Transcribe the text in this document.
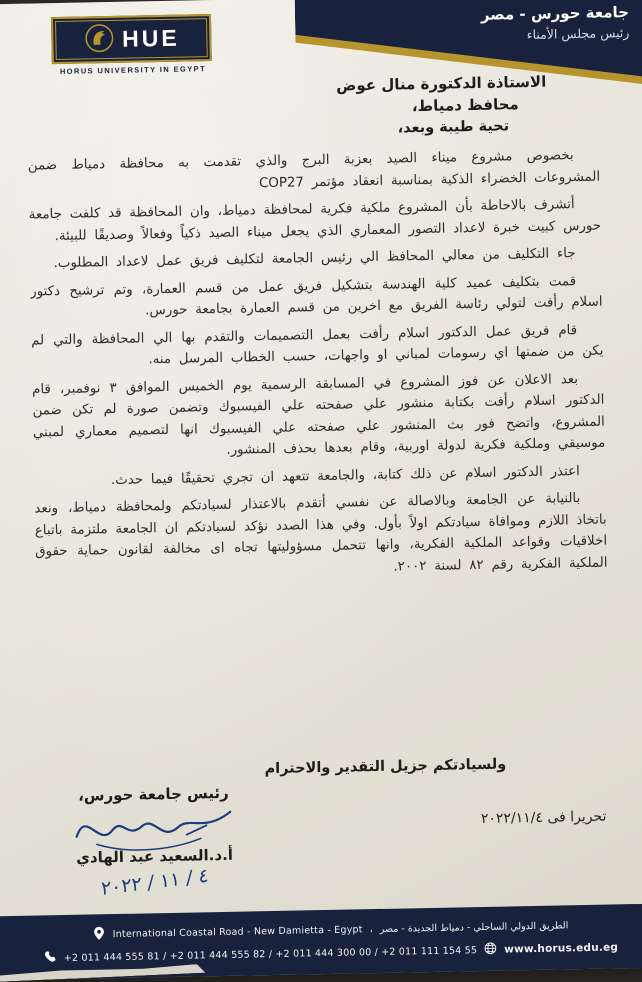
جامعة حورس - مصر
رئيس مجلس الأمناء
HUE
HORUS UNIVERSITY IN EGYPT
الاستاذة الدكتورة منال عوض
محافظ دمياط،
تحية طيبة وبعد،

بخصوص مشروع ميناء الصيد بعزبة البرج والذي تقدمت به محافظة دمياط ضمن المشروعات الخضراء الذكية بمناسبة انعقاد مؤتمر COP27

أتشرف بالاحاطة بأن المشروع ملكية فكرية لمحافظة دمياط، وان المحافظة قد كلفت جامعة حورس كبيت خبرة لاعداد التصور المعماري الذي يجعل ميناء الصيد ذكياً وفعالاً وصديقًا للبيئة.

جاء التكليف من معالي المحافظ الي رئيس الجامعة لتكليف فريق عمل لاعداد المطلوب.

قمت بتكليف عميد كلية الهندسة بتشكيل فريق عمل من قسم العمارة، وتم ترشيح دكتور اسلام رأفت لتولي رئاسة الفريق مع اخرين من قسم العمارة بجامعة حورس.

قام فريق عمل الدكتور اسلام رأفت بعمل التصميمات والتقدم بها الي المحافظة والتي لم يكن من ضمنها اي رسومات لمباني او واجهات، حسب الخطاب المرسل منه.

بعد الاعلان عن فوز المشروع في المسابقة الرسمية يوم الخميس الموافق ٣ نوفمبر، قام الدكتور اسلام رأفت بكتابة منشور علي صفحته علي الفيسبوك وتضمن صورة لم تكن ضمن المشروع، واتضح فور بث المنشور علي صفحته علي الفيسبوك انها لتصميم معماري لمبني موسيقي وملكية فكرية لدولة اوربية، وقام بعدها بحذف المنشور.

اعتذر الدكتور اسلام عن ذلك كتابة، والجامعة تتعهد ان تجري تحقيقًا فيما حدث.

بالنيابة عن الجامعة وبالاصالة عن نفسي أتقدم بالاعتذار لسيادتكم ولمحافظة دمياط، ونعد باتخاذ اللازم وموافاة سيادتكم اولاً بأول. وفي هذا الصدد نؤكد لسيادتكم ان الجامعة ملتزمة باتباع اخلاقيات وقواعد الملكية الفكرية، وانها تتحمل مسؤوليتها تجاه اى مخالفة لقانون حماية حقوق الملكية الفكرية رقم ٨٢ لسنة ٢٠٠٢.

ولسيادتكم جزيل التقدير والاحترام
رئيس جامعة حورس،
أ.د.السعيد عبد الهادي
٤ / ١١ / ٢٠٢٢
تحريرا فى ٢٠٢٢/١١/٤
International Coastal Road - New Damietta - Egypt ، الطريق الدولي الساحلي - دمياط الجديدة - مصر
+2 011 444 555 81 / +2 011 444 555 82 / +2 011 444 300 00 / +2 011 111 154 55	www.horus.edu.eg
